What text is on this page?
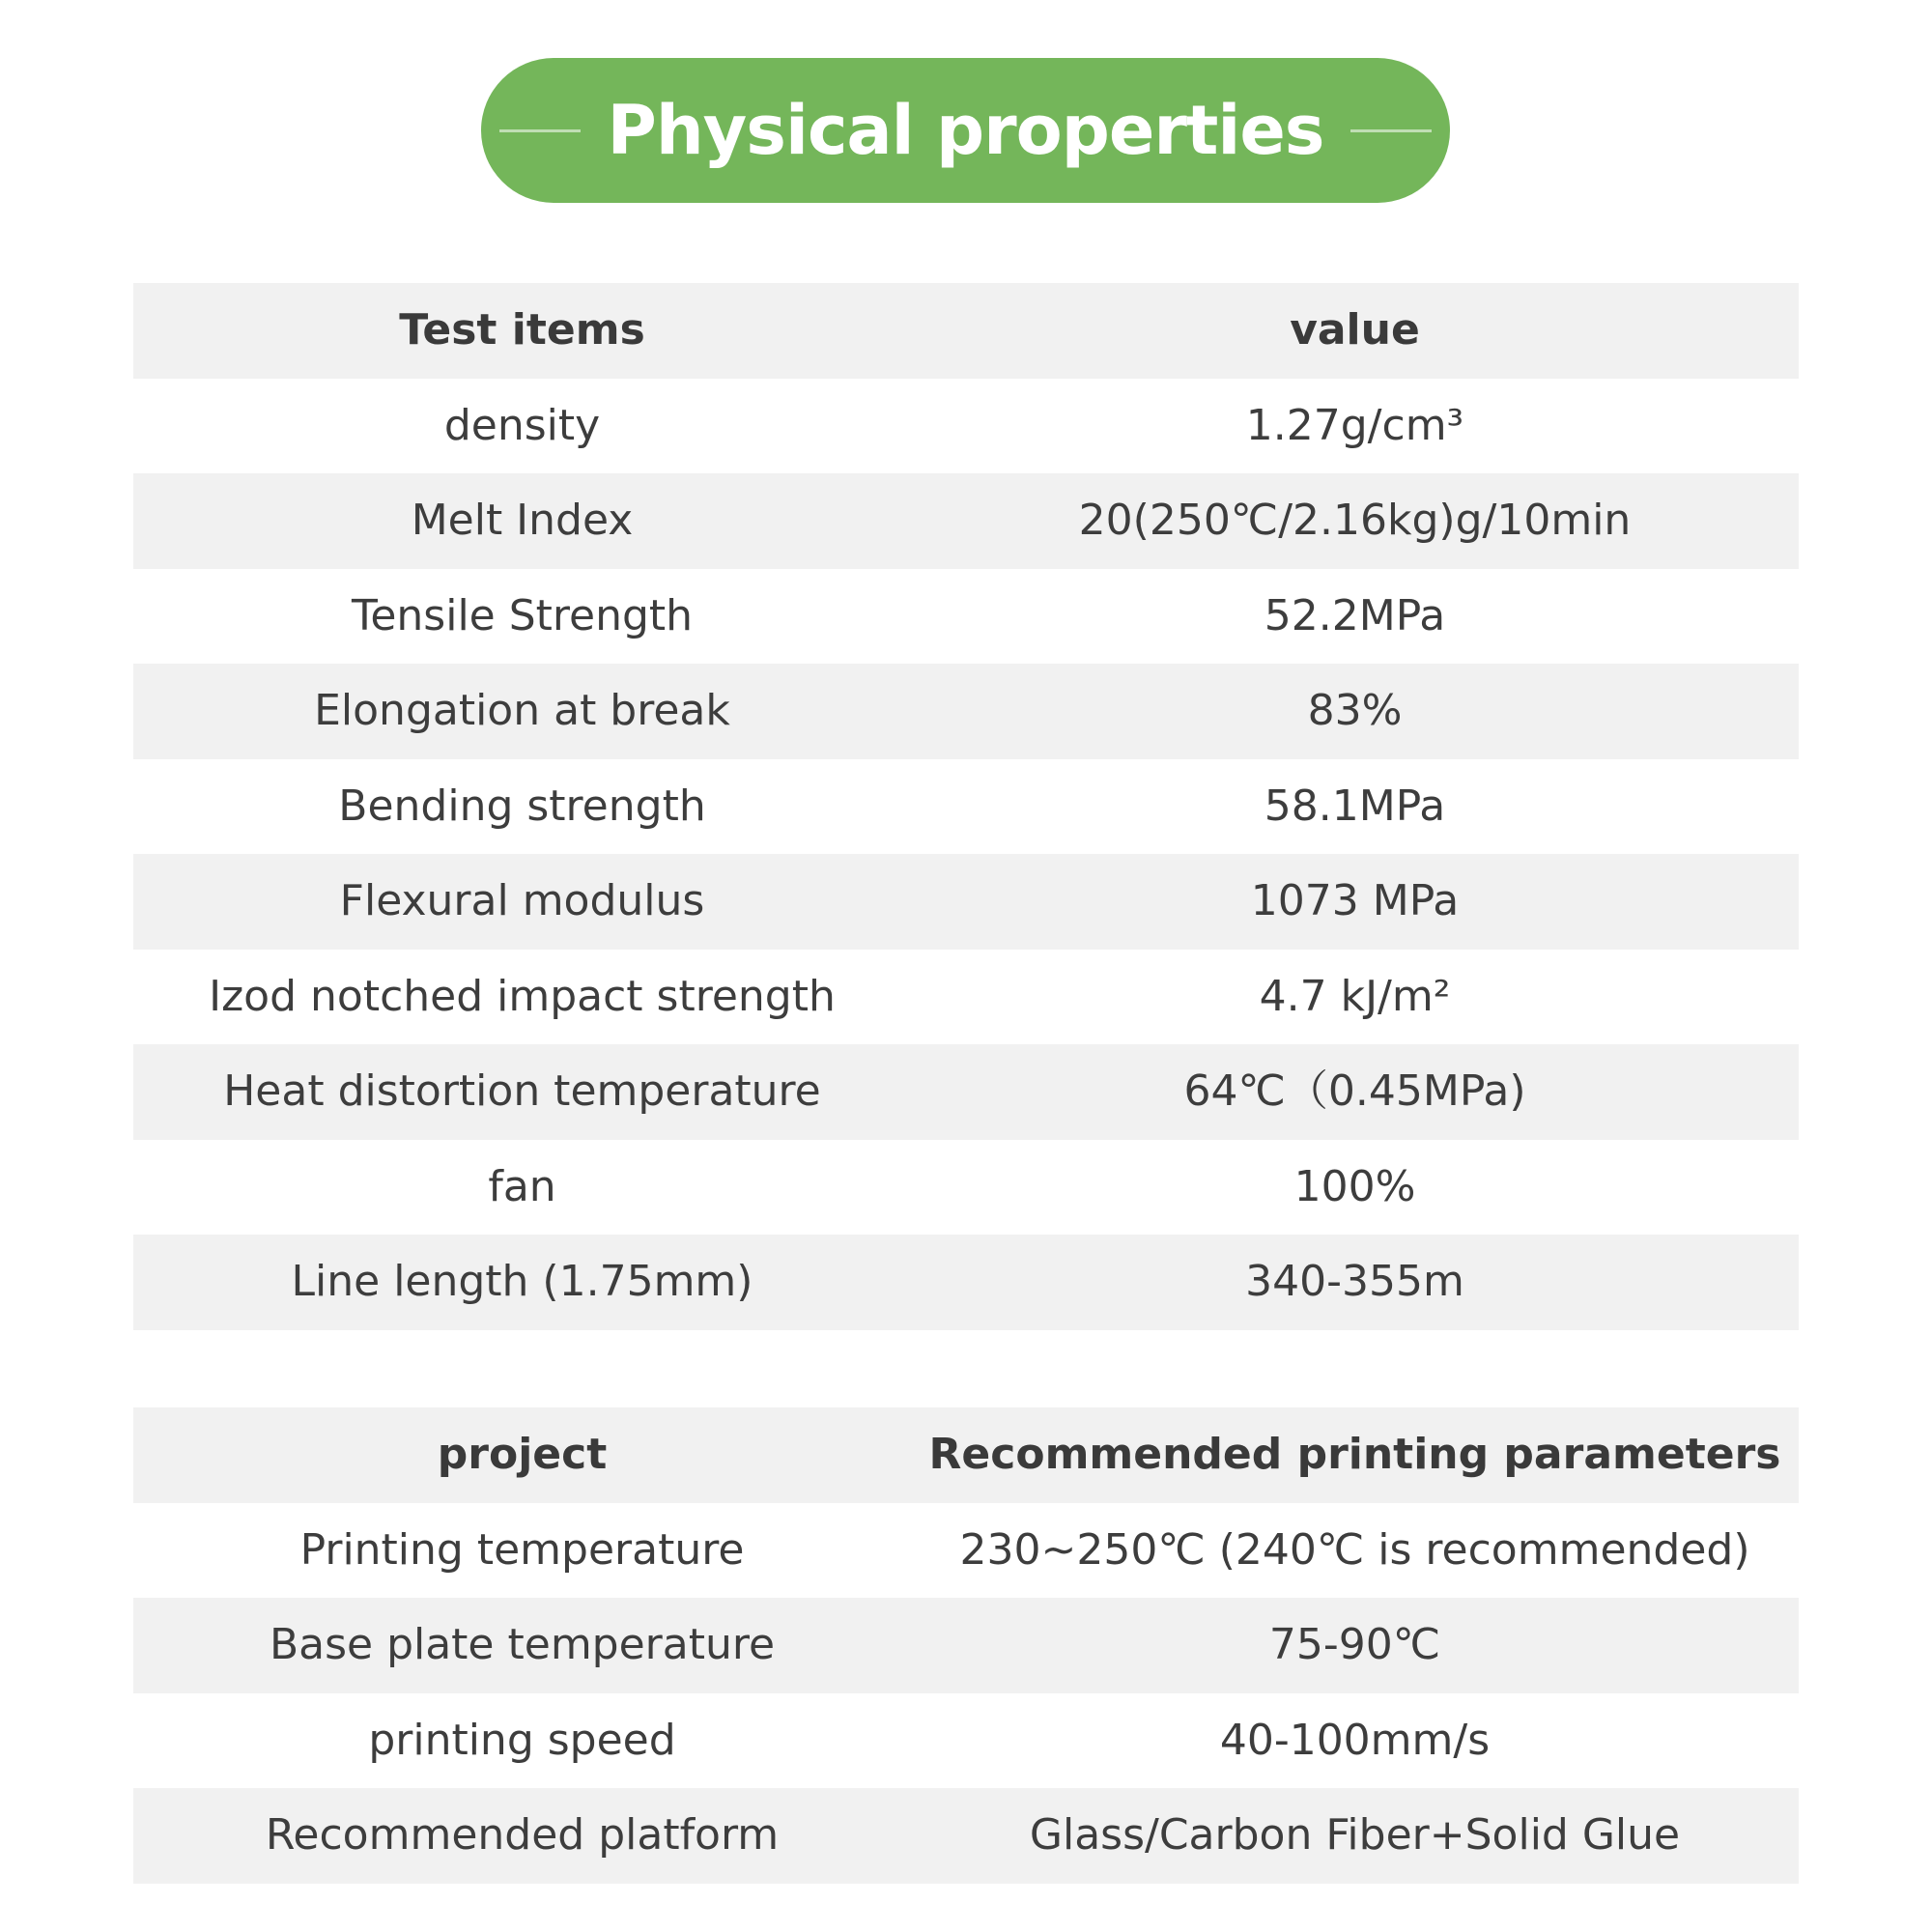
Physical properties
Test items	value
density	1.27g/cm³
Melt Index	20(250℃/2.16kg)g/10min
Tensile Strength	52.2MPa
Elongation at break	83%
Bending strength	58.1MPa
Flexural modulus	1073 MPa
Izod notched impact strength	4.7 kJ/m²
Heat distortion temperature	64℃（0.45MPa)
fan	100%
Line length (1.75mm)	340-355m
project	Recommended printing parameters
Printing temperature	230~250℃ (240℃ is recommended)
Base plate temperature	75-90℃
printing speed	40-100mm/s
Recommended platform	Glass/Carbon Fiber+Solid Glue
